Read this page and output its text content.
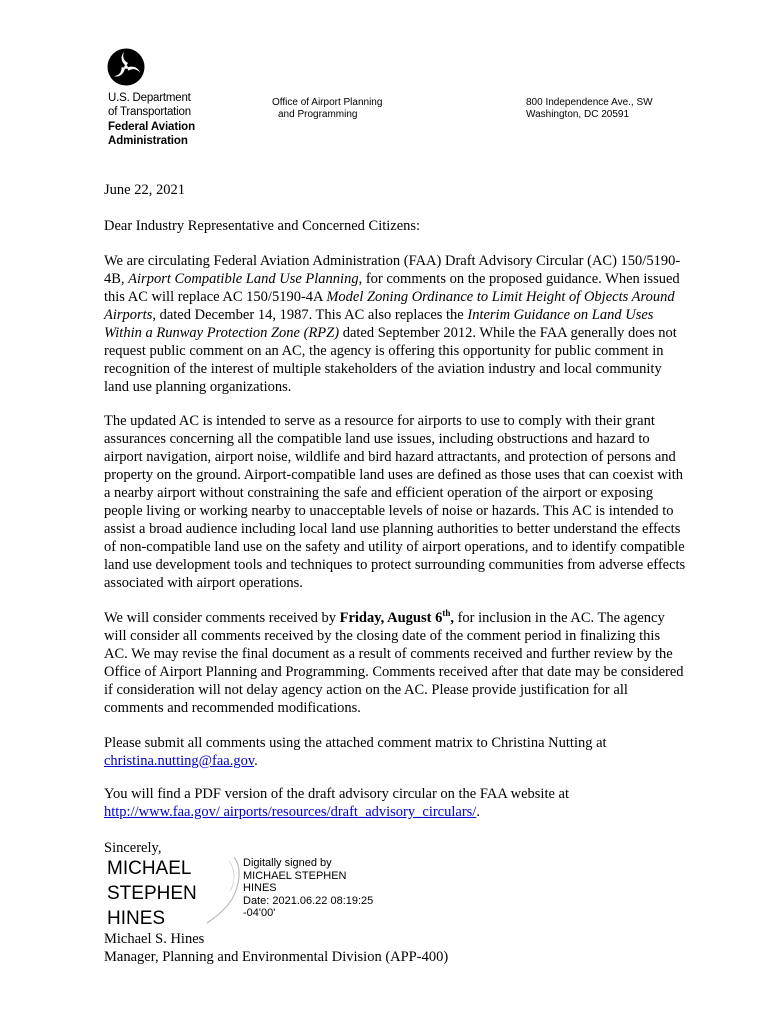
U.S. Department
of Transportation
Federal Aviation
Administration
Office of Airport Planning
and Programming
800 Independence Ave., SW
Washington, DC 20591
June 22, 2021
Dear Industry Representative and Concerned Citizens:

We are circulating Federal Aviation Administration (FAA) Draft Advisory Circular (AC) 150/5190-4B, Airport Compatible Land Use Planning, for comments on the proposed guidance. When issued this AC will replace AC 150/5190-4A Model Zoning Ordinance to Limit Height of Objects Around Airports, dated December 14, 1987. This AC also replaces the Interim Guidance on Land Uses Within a Runway Protection Zone (RPZ) dated September 2012. While the FAA generally does not request public comment on an AC, the agency is offering this opportunity for public comment in recognition of the interest of multiple stakeholders of the aviation industry and local community land use planning organizations.

The updated AC is intended to serve as a resource for airports to use to comply with their grant assurances concerning all the compatible land use issues, including obstructions and hazard to airport navigation, airport noise, wildlife and bird hazard attractants, and protection of persons and property on the ground. Airport-compatible land uses are defined as those uses that can coexist with a nearby airport without constraining the safe and efficient operation of the airport or exposing people living or working nearby to unacceptable levels of noise or hazards. This AC is intended to assist a broad audience including local land use planning authorities to better understand the effects of non-compatible land use on the safety and utility of airport operations, and to identify compatible land use development tools and techniques to protect surrounding communities from adverse effects associated with airport operations.

We will consider comments received by Friday, August 6th, for inclusion in the AC. The agency will consider all comments received by the closing date of the comment period in finalizing this AC. We may revise the final document as a result of comments received and further review by the Office of Airport Planning and Programming. Comments received after that date may be considered if consideration will not delay agency action on the AC. Please provide justification for all comments and recommended modifications.

Please submit all comments using the attached comment matrix to Christina Nutting at christina.nutting@faa.gov.

You will find a PDF version of the draft advisory circular on the FAA website at http://www.faa.gov/ airports/resources/draft_advisory_circulars/.

Sincerely,
MICHAEL
STEPHEN
HINES
Digitally signed by
MICHAEL STEPHEN
HINES
Date: 2021.06.22 08:19:25
-04'00'
Michael S. Hines
Manager, Planning and Environmental Division (APP-400)
